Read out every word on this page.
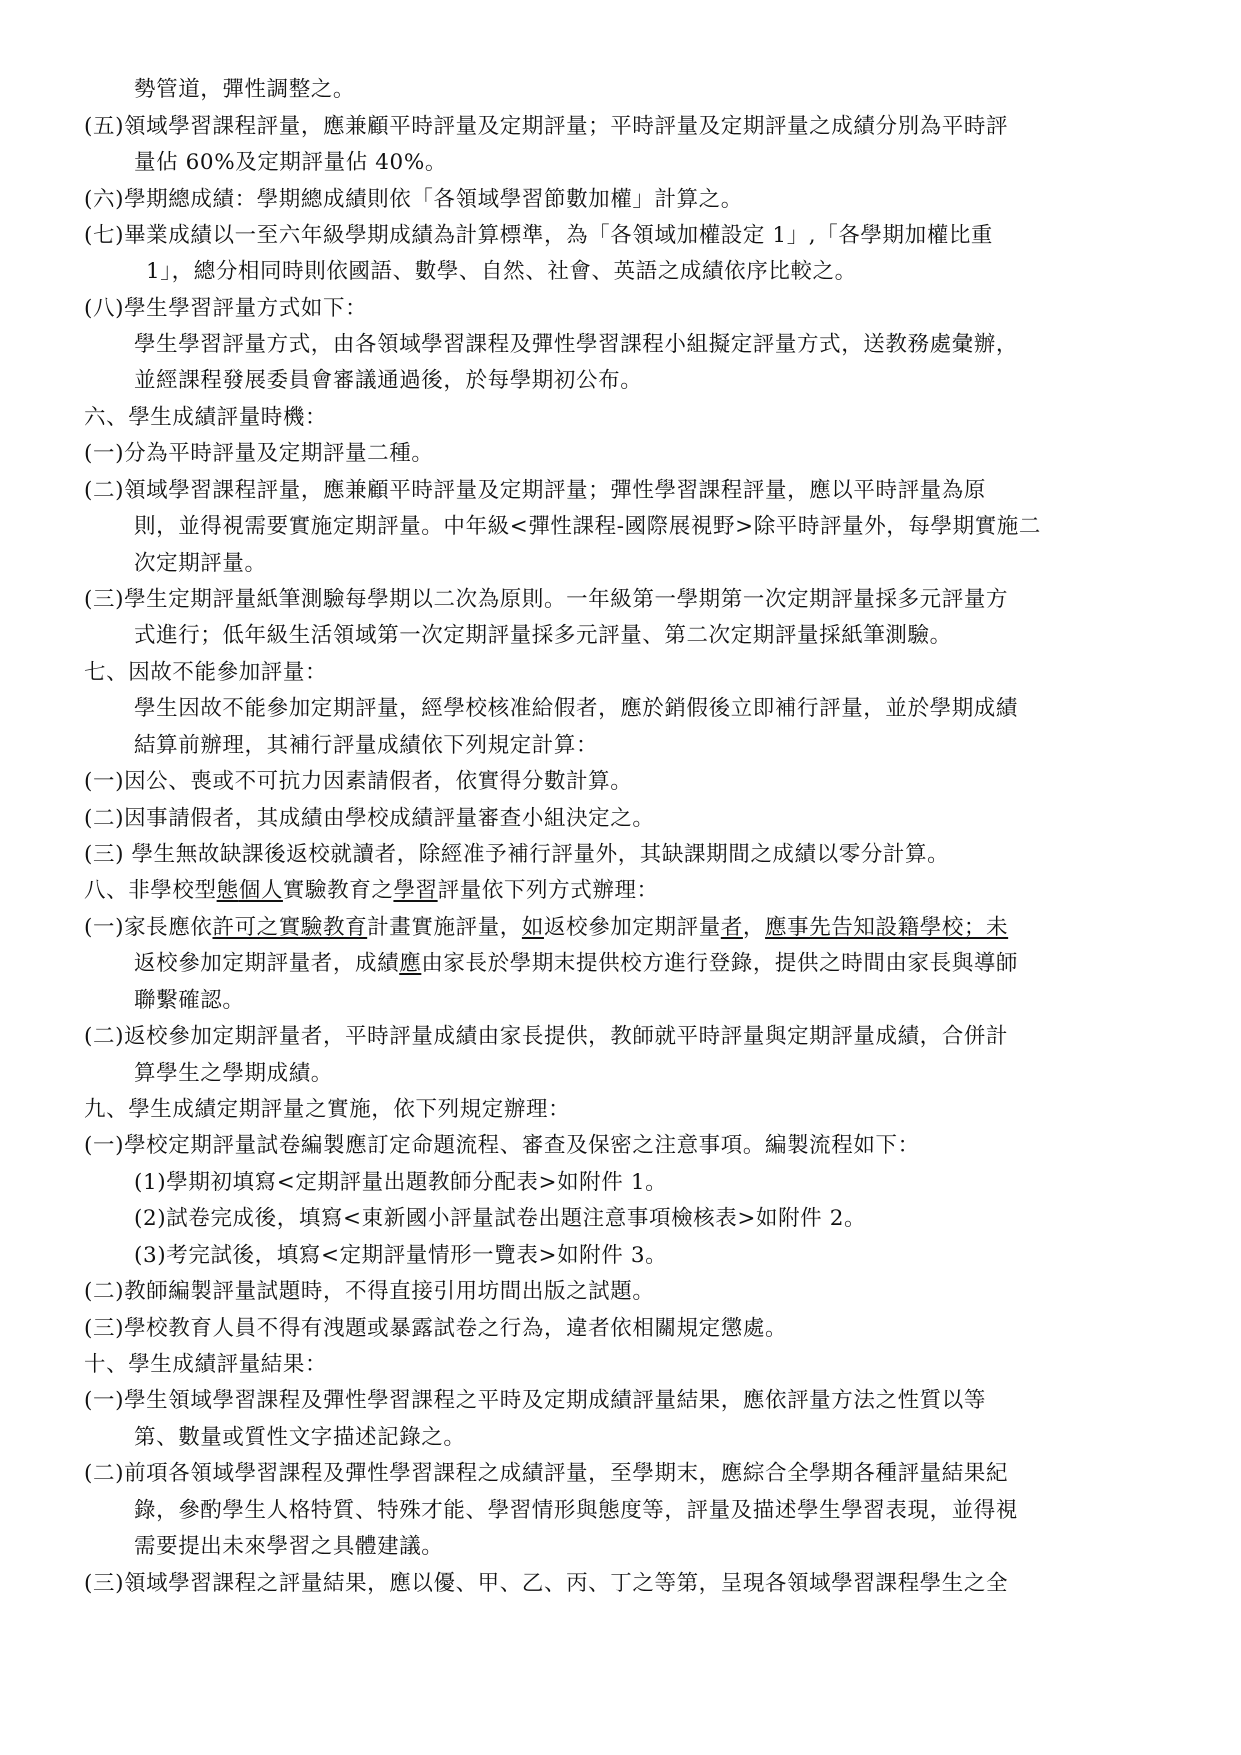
勢管道，彈性調整之。
(五)領域學習課程評量，應兼顧平時評量及定期評量；平時評量及定期評量之成績分別為平時評
量佔 60%及定期評量佔 40%。
(六)學期總成績：學期總成績則依「各領域學習節數加權」計算之。
(七)畢業成績以一至六年級學期成績為計算標準，為「各領域加權設定 1」,「各學期加權比重
1」，總分相同時則依國語、數學、自然、社會、英語之成績依序比較之。
(八)學生學習評量方式如下：
學生學習評量方式，由各領域學習課程及彈性學習課程小組擬定評量方式，送教務處彙辦，
並經課程發展委員會審議通過後，於每學期初公布。
六、學生成績評量時機：
(一)分為平時評量及定期評量二種。
(二)領域學習課程評量，應兼顧平時評量及定期評量；彈性學習課程評量，應以平時評量為原
則，並得視需要實施定期評量。中年級<彈性課程-國際展視野>除平時評量外，每學期實施二
次定期評量。
(三)學生定期評量紙筆測驗每學期以二次為原則。一年級第一學期第一次定期評量採多元評量方
式進行；低年級生活領域第一次定期評量採多元評量、第二次定期評量採紙筆測驗。
七、因故不能參加評量：
學生因故不能參加定期評量，經學校核准給假者，應於銷假後立即補行評量，並於學期成績
結算前辦理，其補行評量成績依下列規定計算：
(一)因公、喪或不可抗力因素請假者，依實得分數計算。
(二)因事請假者，其成績由學校成績評量審查小組決定之。
(三) 學生無故缺課後返校就讀者，除經准予補行評量外，其缺課期間之成績以零分計算。
八、非學校型態個人實驗教育之學習評量依下列方式辦理：
(一)家長應依許可之實驗教育計畫實施評量，如返校參加定期評量者，應事先告知設籍學校；未
返校參加定期評量者，成績應由家長於學期末提供校方進行登錄，提供之時間由家長與導師
聯繫確認。
(二)返校參加定期評量者，平時評量成績由家長提供，教師就平時評量與定期評量成績，合併計
算學生之學期成績。
九、學生成績定期評量之實施，依下列規定辦理：
(一)學校定期評量試卷編製應訂定命題流程、審查及保密之注意事項。編製流程如下：
(1)學期初填寫<定期評量出題教師分配表>如附件 1。
(2)試卷完成後，填寫<東新國小評量試卷出題注意事項檢核表>如附件 2。
(3)考完試後，填寫<定期評量情形一覽表>如附件 3。
(二)教師編製評量試題時，不得直接引用坊間出版之試題。
(三)學校教育人員不得有洩題或暴露試卷之行為，違者依相關規定懲處。
十、學生成績評量結果：
(一)學生領域學習課程及彈性學習課程之平時及定期成績評量結果，應依評量方法之性質以等
第、數量或質性文字描述記錄之。
(二)前項各領域學習課程及彈性學習課程之成績評量，至學期末，應綜合全學期各種評量結果紀
錄，參酌學生人格特質、特殊才能、學習情形與態度等，評量及描述學生學習表現，並得視
需要提出未來學習之具體建議。
(三)領域學習課程之評量結果，應以優、甲、乙、丙、丁之等第，呈現各領域學習課程學生之全
